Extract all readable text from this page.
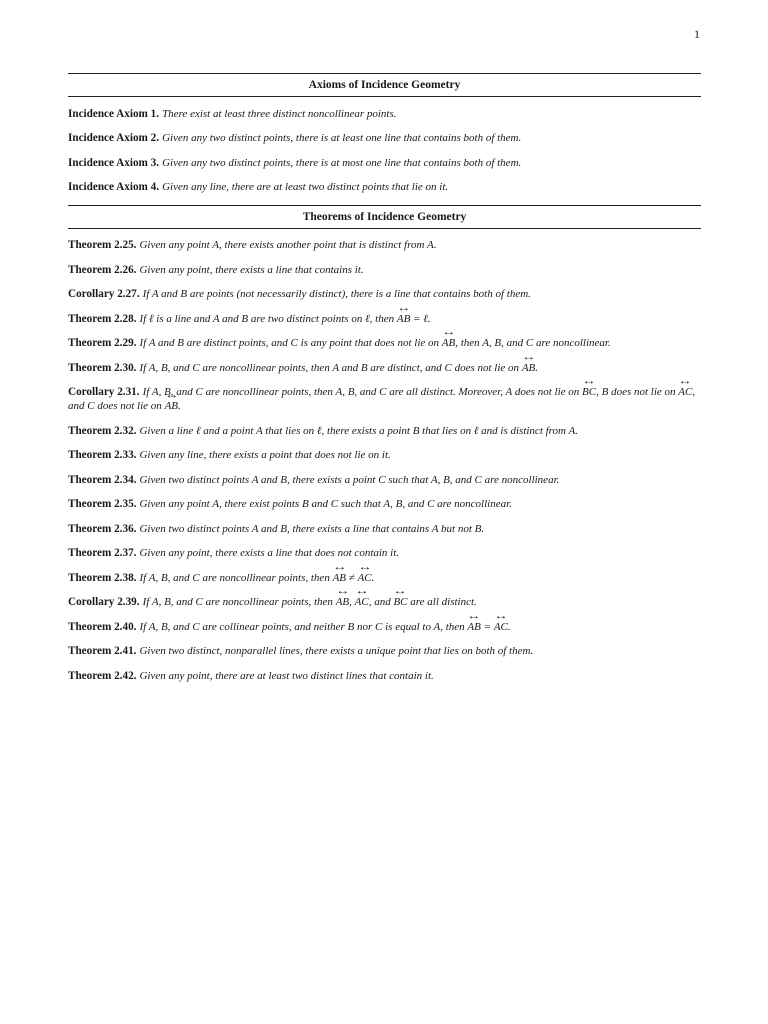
1
Axioms of Incidence Geometry

Incidence Axiom 1. There exist at least three distinct noncollinear points.

Incidence Axiom 2. Given any two distinct points, there is at least one line that contains both of them.

Incidence Axiom 3. Given any two distinct points, there is at most one line that contains both of them.

Incidence Axiom 4. Given any line, there are at least two distinct points that lie on it.

Theorems of Incidence Geometry

Theorem 2.25. Given any point A, there exists another point that is distinct from A.

Theorem 2.26. Given any point, there exists a line that contains it.

Corollary 2.27. If A and B are points (not necessarily distinct), there is a line that contains both of them.

Theorem 2.28. If ℓ is a line and A and B are two distinct points on ℓ, then ↔ AB = ℓ.

Theorem 2.29. If A and B are distinct points, and C is any point that does not lie on ↔ AB, then A, B, and C are noncollinear.

Theorem 2.30. If A, B, and C are noncollinear points, then A and B are distinct, and C does not lie on ↔ AB.

Corollary 2.31. If A, B, and C are noncollinear points, then A, B, and C are all distinct. Moreover, A does not lie on ↔ BC, B does not lie on ↔ AC, and C does not lie on ↔ AB.

Theorem 2.32. Given a line ℓ and a point A that lies on ℓ, there exists a point B that lies on ℓ and is distinct from A.

Theorem 2.33. Given any line, there exists a point that does not lie on it.

Theorem 2.34. Given two distinct points A and B, there exists a point C such that A, B, and C are noncollinear.

Theorem 2.35. Given any point A, there exist points B and C such that A, B, and C are noncollinear.

Theorem 2.36. Given two distinct points A and B, there exists a line that contains A but not B.

Theorem 2.37. Given any point, there exists a line that does not contain it.

Theorem 2.38. If A, B, and C are noncollinear points, then ↔ AB ≠ ↔ AC.

Corollary 2.39. If A, B, and C are noncollinear points, then ↔ AB, ↔ AC, and ↔ BC are all distinct.

Theorem 2.40. If A, B, and C are collinear points, and neither B nor C is equal to A, then ↔ AB = ↔ AC.

Theorem 2.41. Given two distinct, nonparallel lines, there exists a unique point that lies on both of them.

Theorem 2.42. Given any point, there are at least two distinct lines that contain it.
